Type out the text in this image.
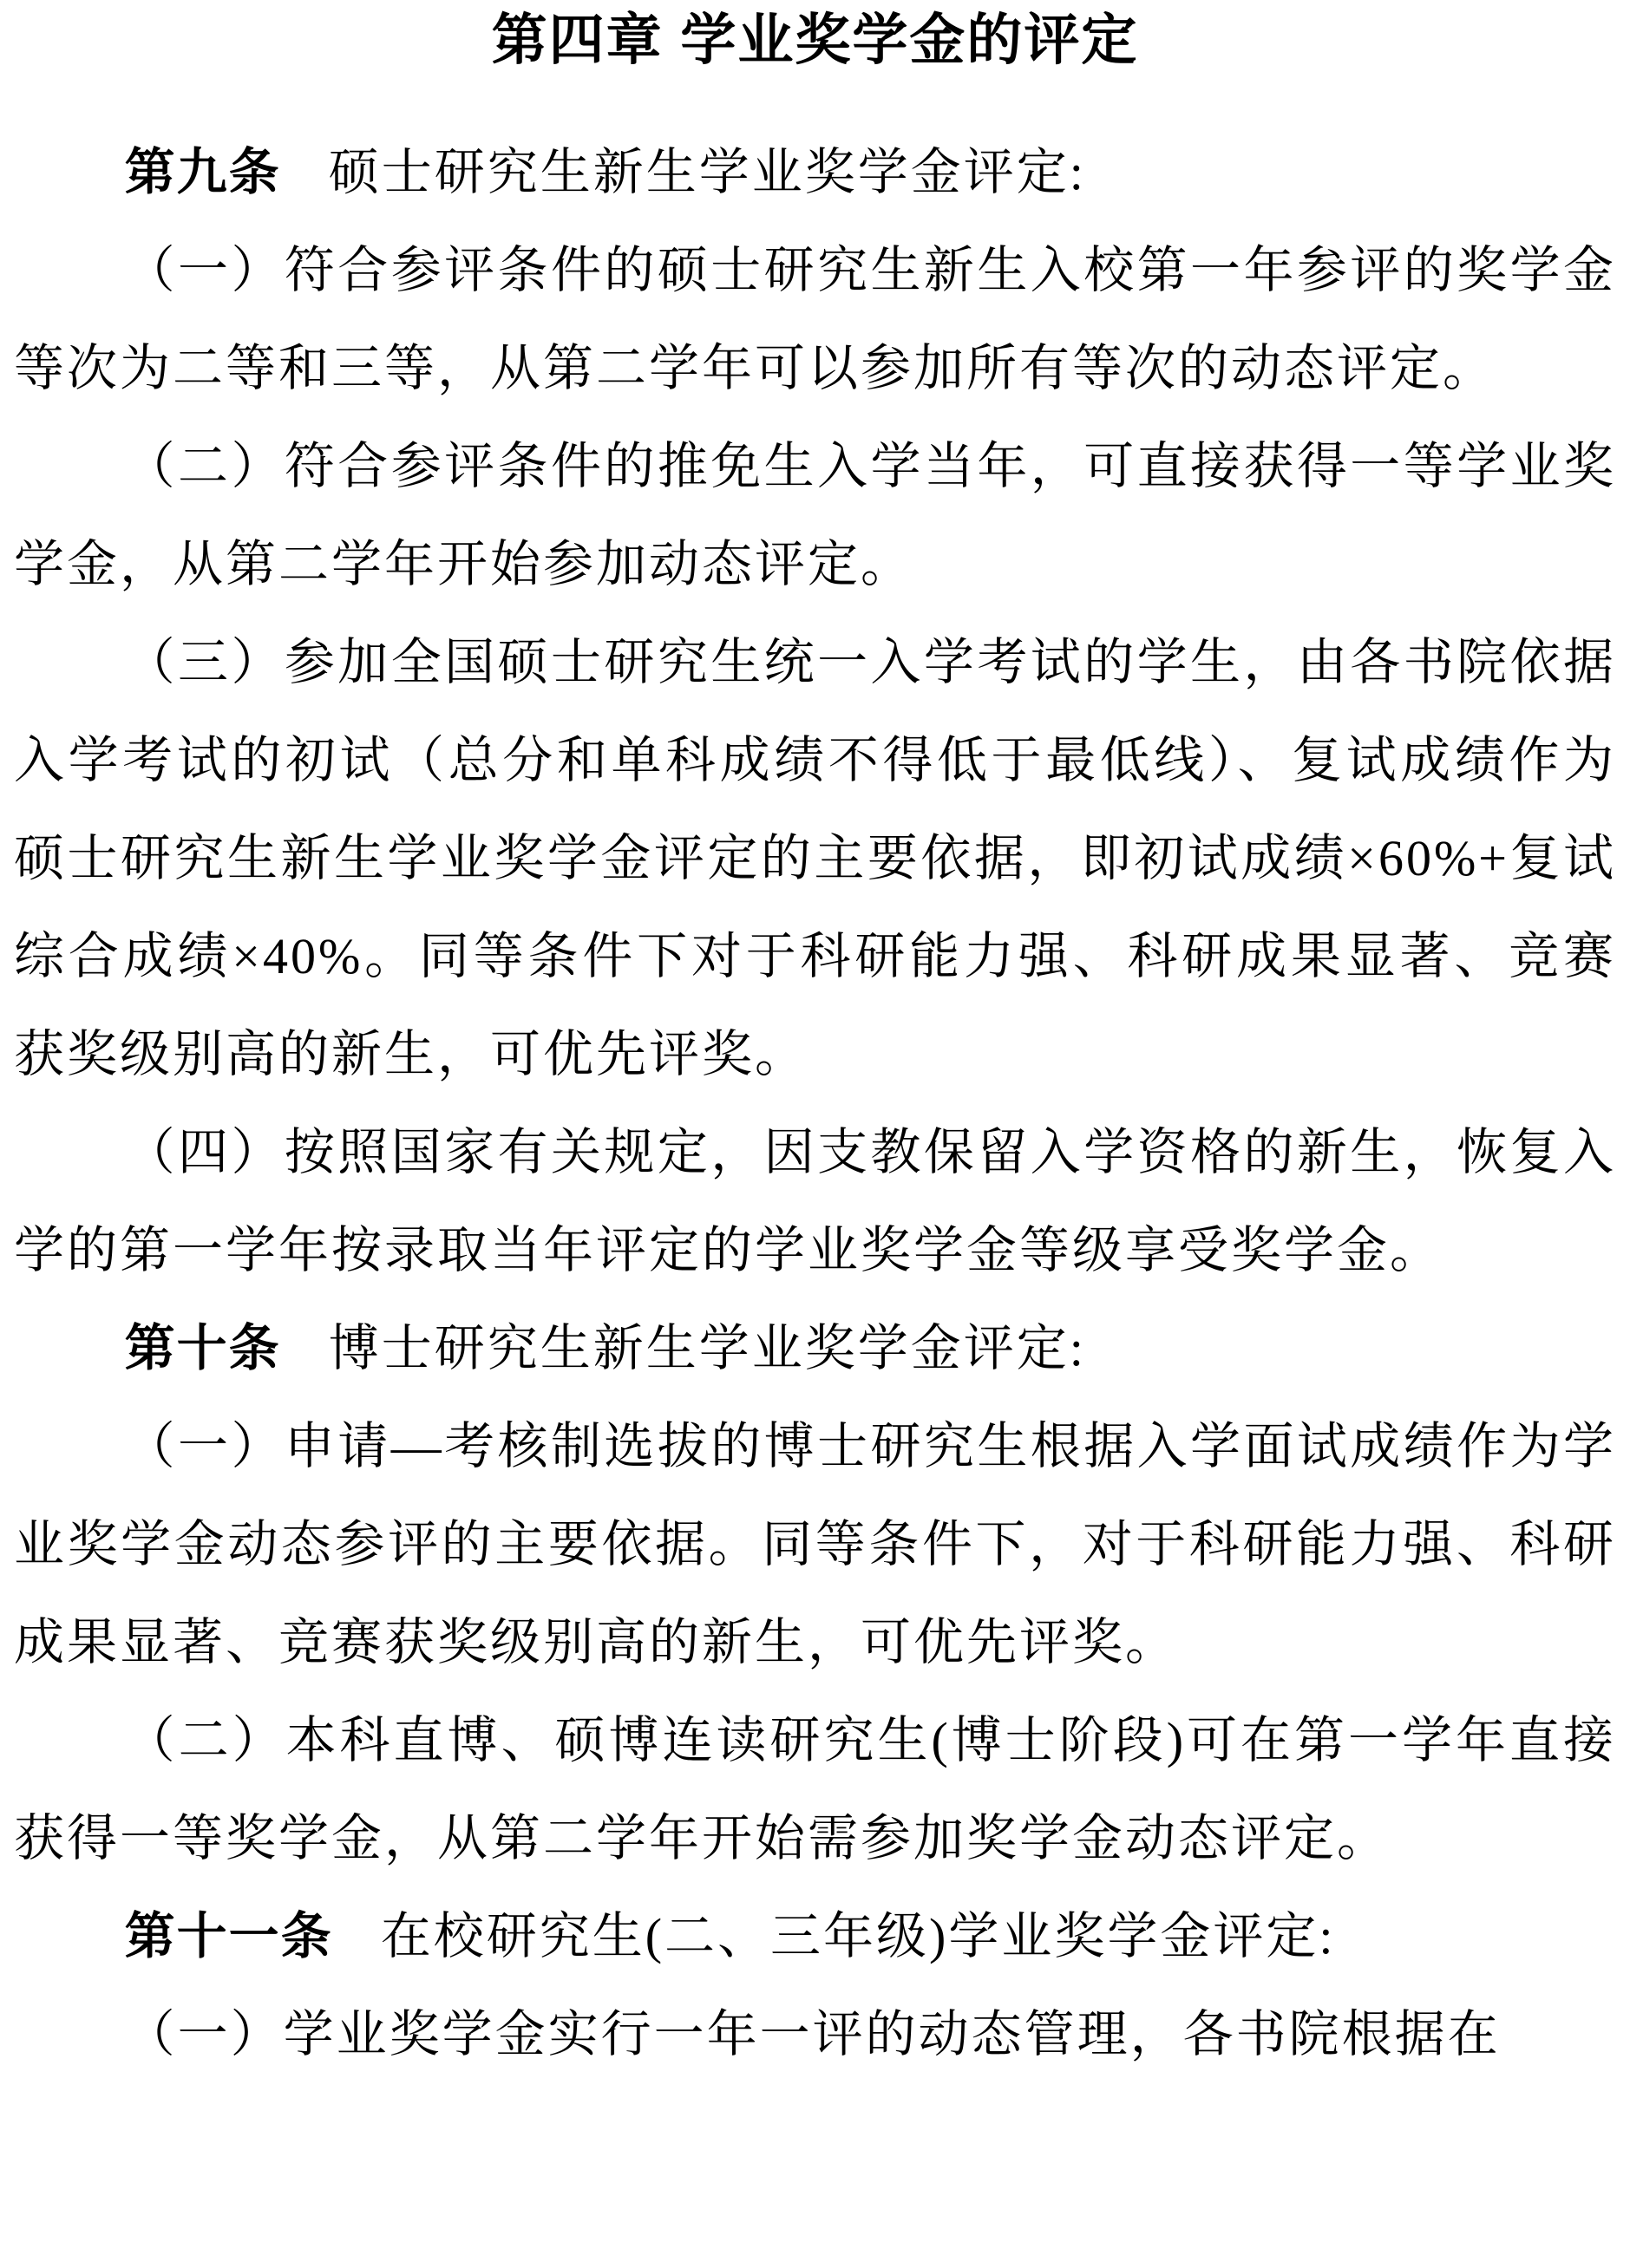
第四章 学业奖学金的评定

第九条 硕士研究生新生学业奖学金评定:

（一）符合参评条件的硕士研究生新生入校第一年参评的奖学金等次为二等和三等，从第二学年可以参加所有等次的动态评定。

（二）符合参评条件的推免生入学当年，可直接获得一等学业奖学金，从第二学年开始参加动态评定。

（三）参加全国硕士研究生统一入学考试的学生，由各书院依据入学考试的初试（总分和单科成绩不得低于最低线）、复试成绩作为硕士研究生新生学业奖学金评定的主要依据，即初试成绩×60%+复试综合成绩×40%。同等条件下对于科研能力强、科研成果显著、竞赛获奖级别高的新生，可优先评奖。

（四）按照国家有关规定，因支教保留入学资格的新生，恢复入学的第一学年按录取当年评定的学业奖学金等级享受奖学金。

第十条 博士研究生新生学业奖学金评定:

（一）申请—考核制选拔的博士研究生根据入学面试成绩作为学业奖学金动态参评的主要依据。同等条件下，对于科研能力强、科研成果显著、竞赛获奖级别高的新生，可优先评奖。

（二）本科直博、硕博连读研究生(博士阶段)可在第一学年直接获得一等奖学金，从第二学年开始需参加奖学金动态评定。

第十一条 在校研究生(二、三年级)学业奖学金评定:

（一）学业奖学金实行一年一评的动态管理，各书院根据在
